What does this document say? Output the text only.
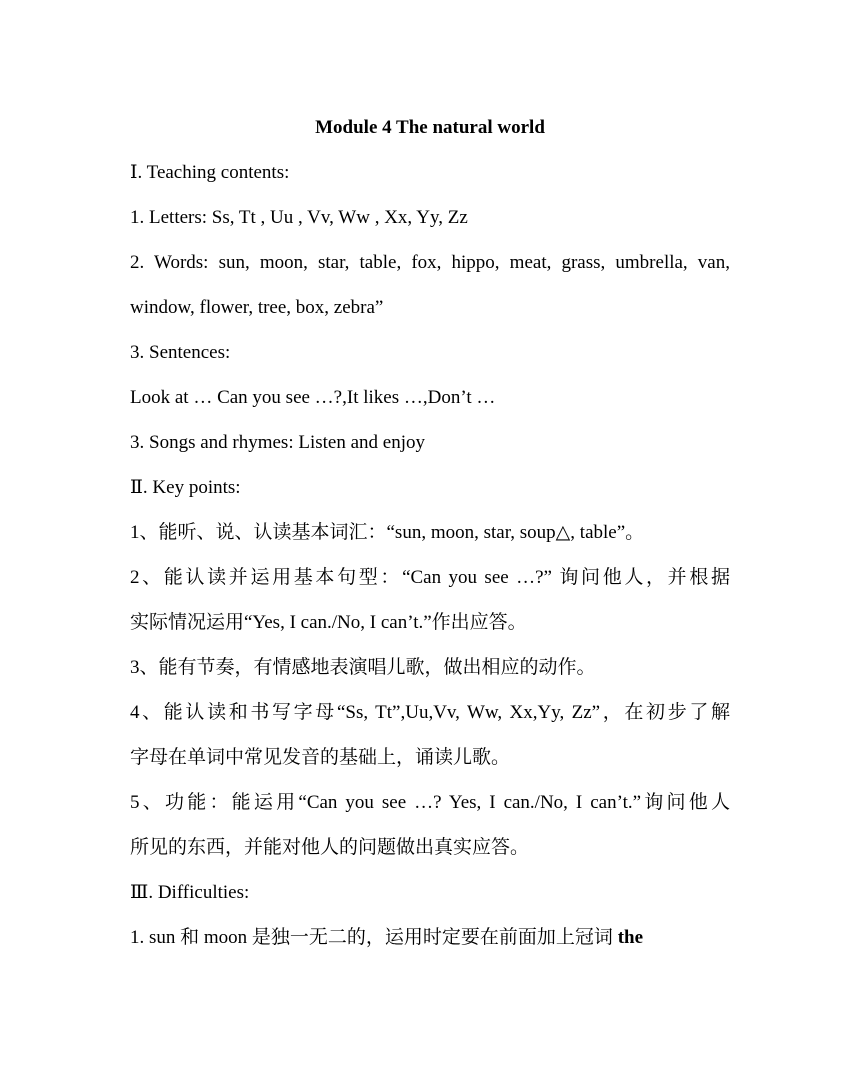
Module 4 The natural world
Ⅰ. Teaching contents:
1. Letters: Ss, Tt , Uu , Vv, Ww , Xx, Yy, Zz
2. Words: sun, moon, star, table, fox, hippo, meat, grass, umbrella, van,
window, flower, tree, box, zebra”
3. Sentences:
Look at … Can you see …?,It likes …,Don’t …
3. Songs and rhymes: Listen and enjoy
Ⅱ. Key points:
1、能听、说、认读基本词汇：“sun, moon, star, soup△, table”。
2、能认读并运用基本句型：“Can you see …?” 询问他人，并根据
实际情况运用“Yes, I can./No, I can’t.”作出应答。
3、能有节奏，有情感地表演唱儿歌，做出相应的动作。
4、能认读和书写字母“Ss, Tt”,Uu,Vv, Ww, Xx,Yy, Zz”，在初步了解
字母在单词中常见发音的基础上，诵读儿歌。
5、功能：能运用“Can you see …? Yes, I can./No, I can’t.”询问他人
所见的东西，并能对他人的问题做出真实应答。
Ⅲ. Difficulties:
1. sun 和 moon 是独一无二的，运用时定要在前面加上冠词 the
